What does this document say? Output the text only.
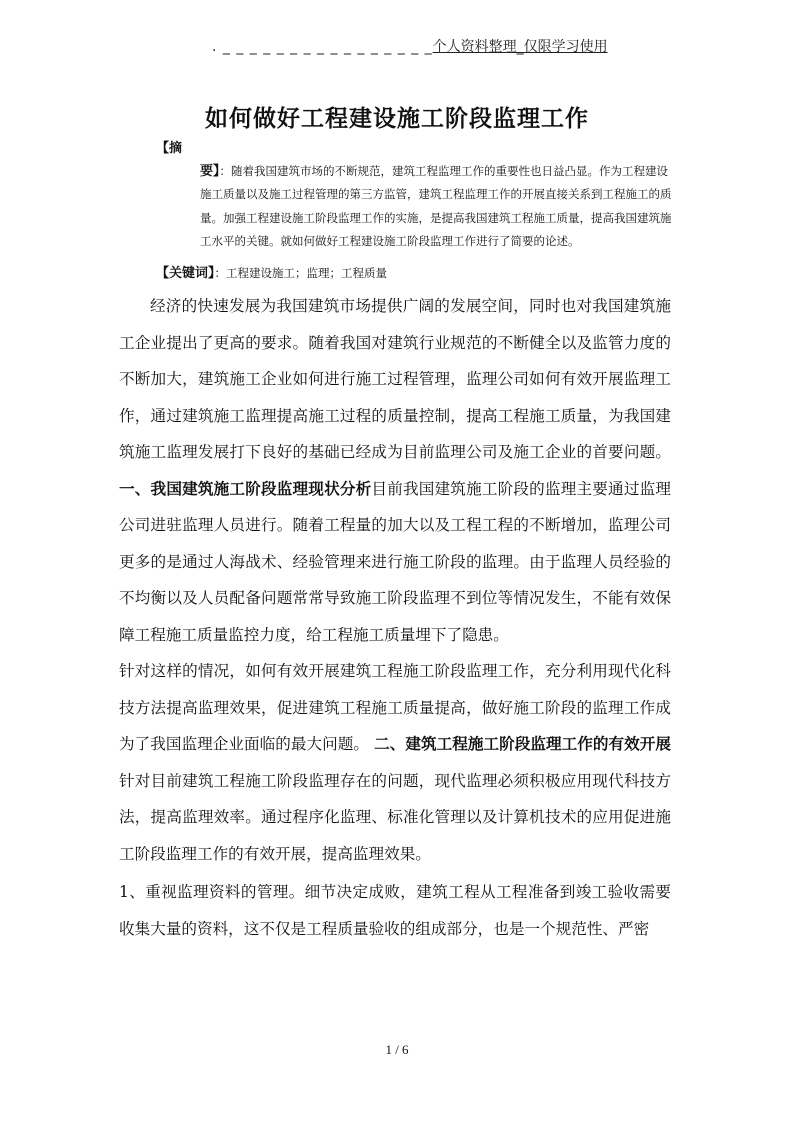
. _ _ _ _ _ _ _ _ _ _ _ _ _ _ _ _个人资料整理_仅限学习使用
如何做好工程建设施工阶段监理工作
【摘
要】：随着我国建筑市场的不断规范，建筑工程监理工作的重要性也日益凸显。作为工程建设施工质量以及施工过程管理的第三方监管，建筑工程监理工作的开展直接关系到工程施工的质量。加强工程建设施工阶段监理工作的实施，是提高我国建筑工程施工质量，提高我国建筑施工水平的关键。就如何做好工程建设施工阶段监理工作进行了简要的论述。
【关键词】：工程建设施工；监理；工程质量

经济的快速发展为我国建筑市场提供广阔的发展空间，同时也对我国建筑施工企业提出了更高的要求。随着我国对建筑行业规范的不断健全以及监管力度的不断加大，建筑施工企业如何进行施工过程管理，监理公司如何有效开展监理工作，通过建筑施工监理提高施工过程的质量控制，提高工程施工质量，为我国建筑施工监理发展打下良好的基础已经成为目前监理公司及施工企业的首要问题。 一、我国建筑施工阶段监理现状分析目前我国建筑施工阶段的监理主要通过监理公司进驻监理人员进行。随着工程量的加大以及工程工程的不断增加，监理公司更多的是通过人海战术、经验管理来进行施工阶段的监理。由于监理人员经验的不均衡以及人员配备问题常常导致施工阶段监理不到位等情况发生，不能有效保障工程施工质量监控力度，给工程施工质量埋下了隐患。

针对这样的情况，如何有效开展建筑工程施工阶段监理工作，充分利用现代化科技方法提高监理效果，促进建筑工程施工质量提高，做好施工阶段的监理工作成为了我国监理企业面临的最大问题。 二、建筑工程施工阶段监理工作的有效开展针对目前建筑工程施工阶段监理存在的问题，现代监理必须积极应用现代科技方法，提高监理效率。通过程序化监理、标准化管理以及计算机技术的应用促进施工阶段监理工作的有效开展，提高监理效果。

1、重视监理资料的管理。细节决定成败，建筑工程从工程准备到竣工验收需要收集大量的资料，这不仅是工程质量验收的组成部分，也是一个规范性、严密

1 / 6
